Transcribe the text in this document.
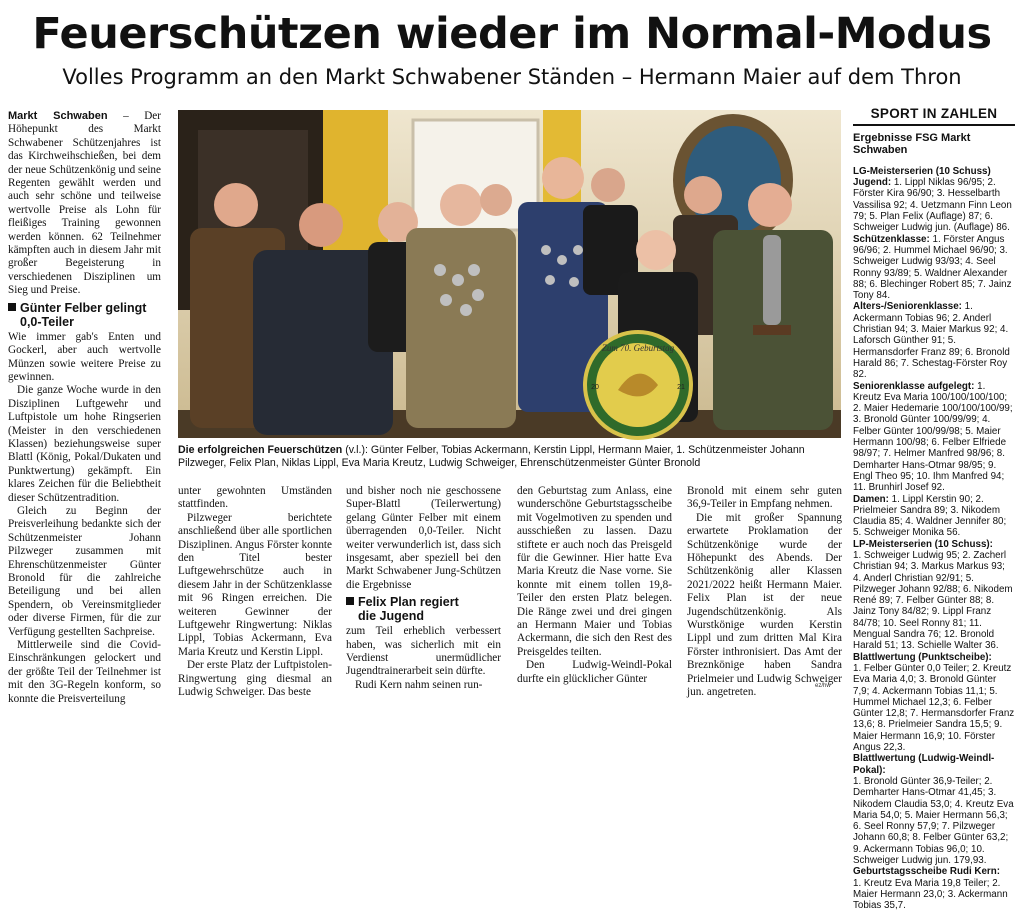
Feuerschützen wieder im Normal-Modus
Volles Programm an den Markt Schwabener Ständen – Hermann Maier auf dem Thron

Markt Schwaben – Der Höhepunkt des Markt Schwabener Schützenjahres ist das Kirchweihschießen, bei dem der neue Schützenkönig und seine Regenten gewählt werden und auch sehr schöne und teilweise wertvolle Preise als Lohn für fleißiges Training gewonnen werden können. 62 Teilnehmer kämpften auch in diesem Jahr mit großer Begeisterung in verschiedenen Disziplinen um Sieg und Preise.

Günter Felber gelingt
0,0-Teiler

Wie immer gab's Enten und Gockerl, aber auch wertvolle Münzen sowie weitere Preise zu gewinnen.

Die ganze Woche wurde in den Disziplinen Luftgewehr und Luftpistole um hohe Ringserien (Meister in den verschiedenen Klassen) beziehungsweise super Blattl (König, Pokal/Dukaten und Punktwertung) gekämpft. Ein klares Zeichen für die Beliebtheit dieser Schützentradition.

Gleich zu Beginn der Preisverleihung bedankte sich der Schützenmeister Johann Pilzweger zusammen mit Ehrenschützenmeister Günter Bronold für die zahlreiche Beteiligung und bei allen Spendern, ob Vereinsmitglieder oder diverse Firmen, für die zur Verfügung gestellten Sachpreise.

Mittlerweile sind die Covid-Einschränkungen gelockert und der größte Teil der Teilnehmer ist mit den 3G-Regeln konform, so konnte die Preisverteilung

Zum 70. Geburtstag
20	21
Die erfolgreichen Feuerschützen (v.l.): Günter Felber, Tobias Ackermann, Kerstin Lippl, Hermann Maier, 1. Schützenmeister Johann Pilzweger, Felix Plan, Niklas Lippl, Eva Maria Kreutz, Ludwig Schweiger, Ehrenschützenmeister Günter Bronold

unter gewohnten Umständen stattfinden.

Pilzweger berichtete anschließend über alle sportlichen Disziplinen. Angus Förster konnte den Titel bester Luftgewehrschütze auch in diesem Jahr in der Schützenklasse mit 96 Ringen erreichen. Die weiteren Gewinner der Luftgewehr Ringwertung: Niklas Lippl, Tobias Ackermann, Eva Maria Kreutz und Kerstin Lippl.

Der erste Platz der Luftpistolen-Ringwertung ging diesmal an Ludwig Schweiger. Das beste

und bisher noch nie geschossene Super-Blattl (Teilerwertung) gelang Günter Felber mit einem überragenden 0,0-Teiler. Nicht weiter verwunderlich ist, dass sich insgesamt, aber speziell bei den Markt Schwabener Jung-Schützen die Ergebnisse

Felix Plan regiert
die Jugend

zum Teil erheblich verbessert haben, was sicherlich mit ein Verdienst unermüdlicher Jugendtrainerarbeit sein dürfte.

Rudi Kern nahm seinen run-

den Geburtstag zum Anlass, eine wunderschöne Geburtstagsscheibe mit Vogelmotiven zu spenden und ausschießen zu lassen. Dazu stiftete er auch noch das Preisgeld für die Gewinner. Hier hatte Eva Maria Kreutz die Nase vorne. Sie konnte mit einem tollen 19,8-Teiler den ersten Platz belegen. Die Ränge zwei und drei gingen an Hermann Maier und Tobias Ackermann, die sich den Rest des Preisgeldes teilten.

Den Ludwig-Weindl-Pokal durfte ein glücklicher Günter

Bronold mit einem sehr guten 36,9-Teiler in Empfang nehmen.

Die mit großer Spannung erwartete Proklamation der Schützenkönige wurde der Höhepunkt des Abends. Der Schützenkönig aller Klassen 2021/2022 heißt Hermann Maier. Felix Plan ist der neue Jugendschützenkönig. Als Wurstkönige wurden Kerstin Lippl und zum dritten Mal Kira Förster inthronisiert. Das Amt der Breznkönige haben Sandra Prielmeier und Ludwig Schweiger jun. angetreten.

ez/hw
SPORT IN ZAHLEN
Ergebnisse FSG Markt Schwaben
LG-Meisterserien (10 Schuss)
Jugend: 1. Lippl Niklas 96/95; 2. Förster Kira 96/90; 3. Hesselbarth Vassilisa 92; 4. Uetzmann Finn Leon 79; 5. Plan Felix (Auflage) 87; 6. Schweiger Ludwig jun. (Auflage) 86.
Schützenklasse: 1. Förster Angus 96/96; 2. Hummel Michael 96/90; 3. Schweiger Ludwig 93/93; 4. Seel Ronny 93/89; 5. Waldner Alexander 88; 6. Blechinger Robert 85; 7. Jainz Tony 84.
Alters-/Seniorenklasse: 1. Ackermann Tobias 96; 2. Anderl Christian 94; 3. Maier Markus 92; 4. Laforsch Günther 91; 5. Hermansdorfer Franz 89; 6. Bronold Harald 86; 7. Schestag-Förster Roy 82.
Seniorenklasse aufgelegt: 1. Kreutz Eva Maria 100/100/100/100; 2. Maier Hedemarie 100/100/100/99; 3. Bronold Günter 100/99/99; 4. Felber Günter 100/99/98; 5. Maier Hermann 100/98; 6. Felber Elfriede 98/97; 7. Helmer Manfred 98/96; 8. Demharter Hans-Otmar 98/95; 9. Engl Theo 95; 10. Ihm Manfred 94; 11. Brunhirl Josef 92.
Damen: 1. Lippl Kerstin 90; 2. Prielmeier Sandra 89; 3. Nikodem Claudia 85; 4. Waldner Jennifer 80; 5. Schweiger Monika 56.
LP-Meisterserien (10 Schuss):
1. Schweiger Ludwig 95; 2. Zacherl Christian 94; 3. Markus Markus 93; 4. Anderl Christian 92/91; 5. Pilzweger Johann 92/88; 6. Nikodem René 89; 7. Felber Günter 88; 8. Jainz Tony 84/82; 9. Lippl Franz 84/78; 10. Seel Ronny 81; 11. Mengual Sandra 76; 12. Bronold Harald 51; 13. Schielle Walter 36.
Blattlwertung (Punktscheibe):
1. Felber Günter 0,0 Teiler; 2. Kreutz Eva Maria 4,0; 3. Bronold Günter 7,9; 4. Ackermann Tobias 11,1; 5. Hummel Michael 12,3; 6. Felber Günter 12,8; 7. Hermansdorfer Franz 13,6; 8. Prielmeier Sandra 15,5; 9. Maier Hermann 16,9; 10. Förster Angus 22,3.
Blattlwertung (Ludwig-Weindl-Pokal):
1. Bronold Günter 36,9-Teiler; 2. Demharter Hans-Otmar 41,45; 3. Nikodem Claudia 53,0; 4. Kreutz Eva Maria 54,0; 5. Maier Hermann 56,3; 6. Seel Ronny 57,9; 7. Pilzweger Johann 60,8; 8. Felber Günter 63,2; 9. Ackermann Tobias 96,0; 10. Schweiger Ludwig jun. 179,93.
Geburtstagsscheibe Rudi Kern:
1. Kreutz Eva Maria 19,8 Teiler; 2. Maier Hermann 23,0; 3. Ackermann Tobias 35,7.
